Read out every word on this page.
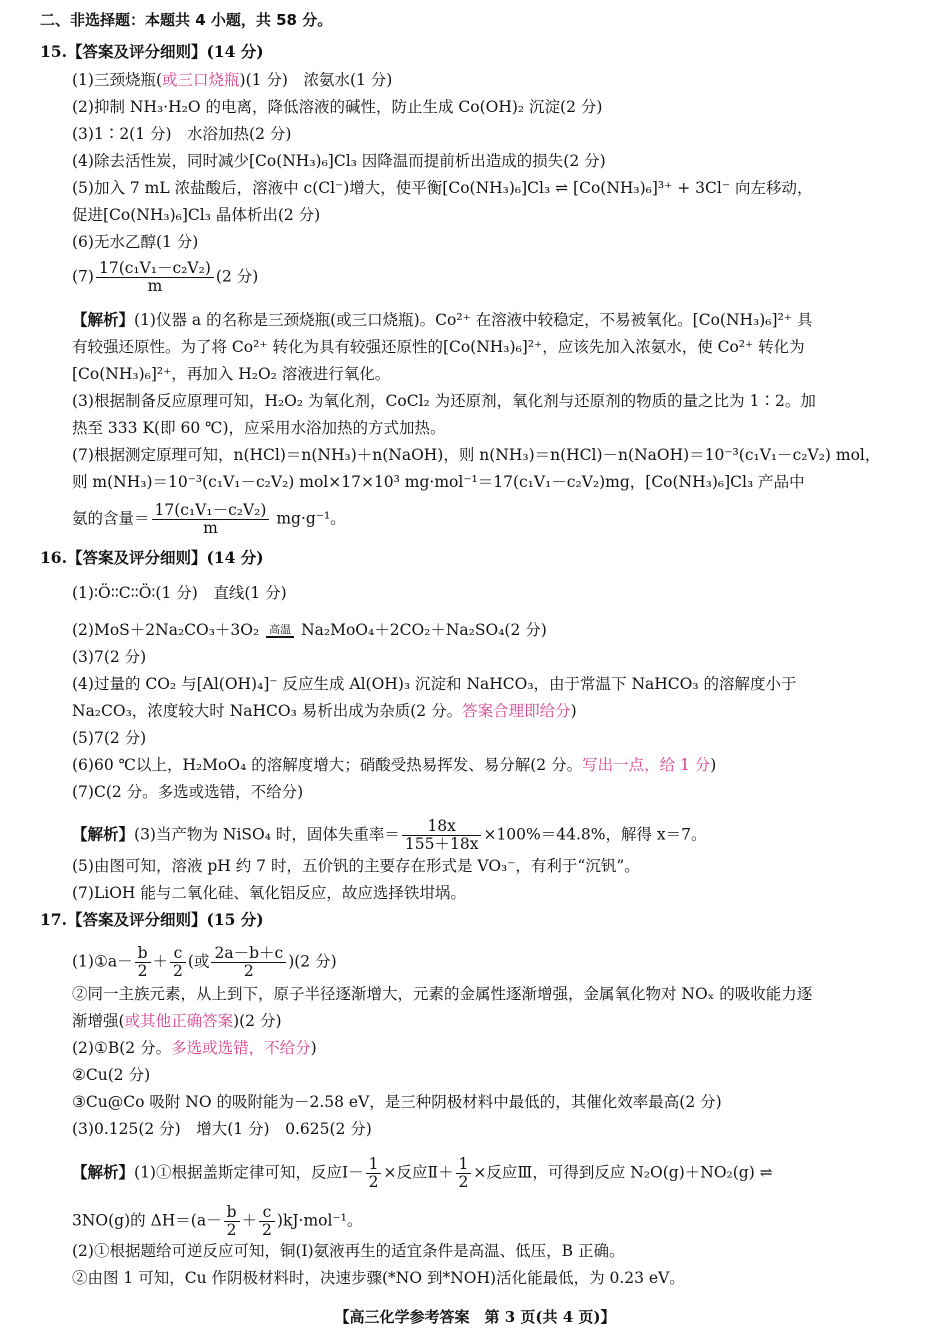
二、非选择题：本题共 4 小题，共 58 分。
15.【答案及评分细则】(14 分)
(1)三颈烧瓶(或三口烧瓶)(1 分)　浓氨水(1 分)
(2)抑制 NH₃·H₂O 的电离，降低溶液的碱性，防止生成 Co(OH)₂ 沉淀(2 分)
(3)1∶2(1 分)　水浴加热(2 分)
(4)除去活性炭，同时减少[Co(NH₃)₆]Cl₃ 因降温而提前析出造成的损失(2 分)
(5)加入 7 mL 浓盐酸后，溶液中 c(Cl⁻)增大，使平衡[Co(NH₃)₆]Cl₃ ⇌ [Co(NH₃)₆]³⁺ + 3Cl⁻ 向左移动，
促进[Co(NH₃)₆]Cl₃ 晶体析出(2 分)
(6)无水乙醇(1 分)
$(7) \frac{\text{17(c₁V₁－c₂V₂)}}{m} (2$ 分)
【解析】(1)仪器 a 的名称是三颈烧瓶(或三口烧瓶)。Co²⁺ 在溶液中较稳定，不易被氧化。[Co(NH₃)₆]²⁺ 具
有较强还原性。为了将 Co²⁺ 转化为具有较强还原性的[Co(NH₃)₆]²⁺，应该先加入浓氨水，使 Co²⁺ 转化为
[Co(NH₃)₆]²⁺，再加入 H₂O₂ 溶液进行氧化。
(3)根据制备反应原理可知，H₂O₂ 为氧化剂，CoCl₂ 为还原剂，氧化剂与还原剂的物质的量之比为 1∶2。加
热至 333 K(即 60 ℃)，应采用水浴加热的方式加热。
(7)根据测定原理可知，n(HCl)＝n(NH₃)＋n(NaOH)，则 n(NH₃)＝n(HCl)－n(NaOH)＝10⁻³(c₁V₁－c₂V₂) mol，
则 m(NH₃)＝10⁻³(c₁V₁－c₂V₂) mol×17×10³ mg·mol⁻¹＝17(c₁V₁－c₂V₂)mg，[Co(NH₃)₆]Cl₃ 产品中
氨的含量＝ $\frac{\text{17(c₁V₁－c₂V₂)}}{m} mg\cdot g^{-1}$。
16.【答案及评分细则】(14 分)
(1)∶Ö∶∶C∶∶Ö∶(1 分)　直线(1 分)
(2)MoS＋2Na₂CO₃＋3O₂ 高温 Na₂MoO₄＋2CO₂＋Na₂SO₄(2 分)
(3)7(2 分)
(4)过量的 CO₂ 与[Al(OH)₄]⁻ 反应生成 Al(OH)₃ 沉淀和 NaHCO₃，由于常温下 NaHCO₃ 的溶解度小于
Na₂CO₃，浓度较大时 NaHCO₃ 易析出成为杂质(2 分。答案合理即给分)
(5)7(2 分)
(6)60 ℃以上，H₂MoO₄ 的溶解度增大；硝酸受热易挥发、易分解(2 分。写出一点，给 1 分)
(7)C(2 分。多选或选错，不给分)
【解析】(3)当产物为 NiSO₄ 时，固体失重率＝ $\frac{18x}{155+18x} \times 100\%=44.8\%$，解得 x＝7。
(5)由图可知，溶液 pH 约 7 时，五价钒的主要存在形式是 VO₃⁻，有利于“沉钒”。
(7)LiOH 能与二氧化硅、氧化铝反应，故应选择铁坩埚。
17.【答案及评分细则】(15 分)
(1)①a－ $\frac{b}{2} + \frac{c}{2}$ (或 $\frac{2a-b+c}{2} )(2$ 分)
②同一主族元素，从上到下，原子半径逐渐增大，元素的金属性逐渐增强，金属氧化物对 NOₓ 的吸收能力逐
渐增强(或其他正确答案)(2 分)
(2)①B(2 分。多选或选错，不给分)
②Cu(2 分)
③Cu@Co 吸附 NO 的吸附能为－2.58 eV，是三种阴极材料中最低的，其催化效率最高(2 分)
(3)0.125(2 分)　增大(1 分)　0.625(2 分)
【解析】(1)①根据盖斯定律可知，反应Ⅰ－ $\frac{1}{2}$ ×反应Ⅱ＋ $\frac{1}{2}$ ×反应Ⅲ，可得到反应 N₂O(g)＋NO₂(g) ⇌
3NO(g)的 $\Delta H=(a- \frac{b}{2} + \frac{c}{2} )kJ\cdot mol^{-1}$。
(2)①根据题给可逆反应可知，铜(Ⅰ)氨液再生的适宜条件是高温、低压，B 正确。
②由图 1 可知，Cu 作阴极材料时，决速步骤(*NO 到*NOH)活化能最低，为 0.23 eV。
【高三化学参考答案　第 3 页(共 4 页)】
